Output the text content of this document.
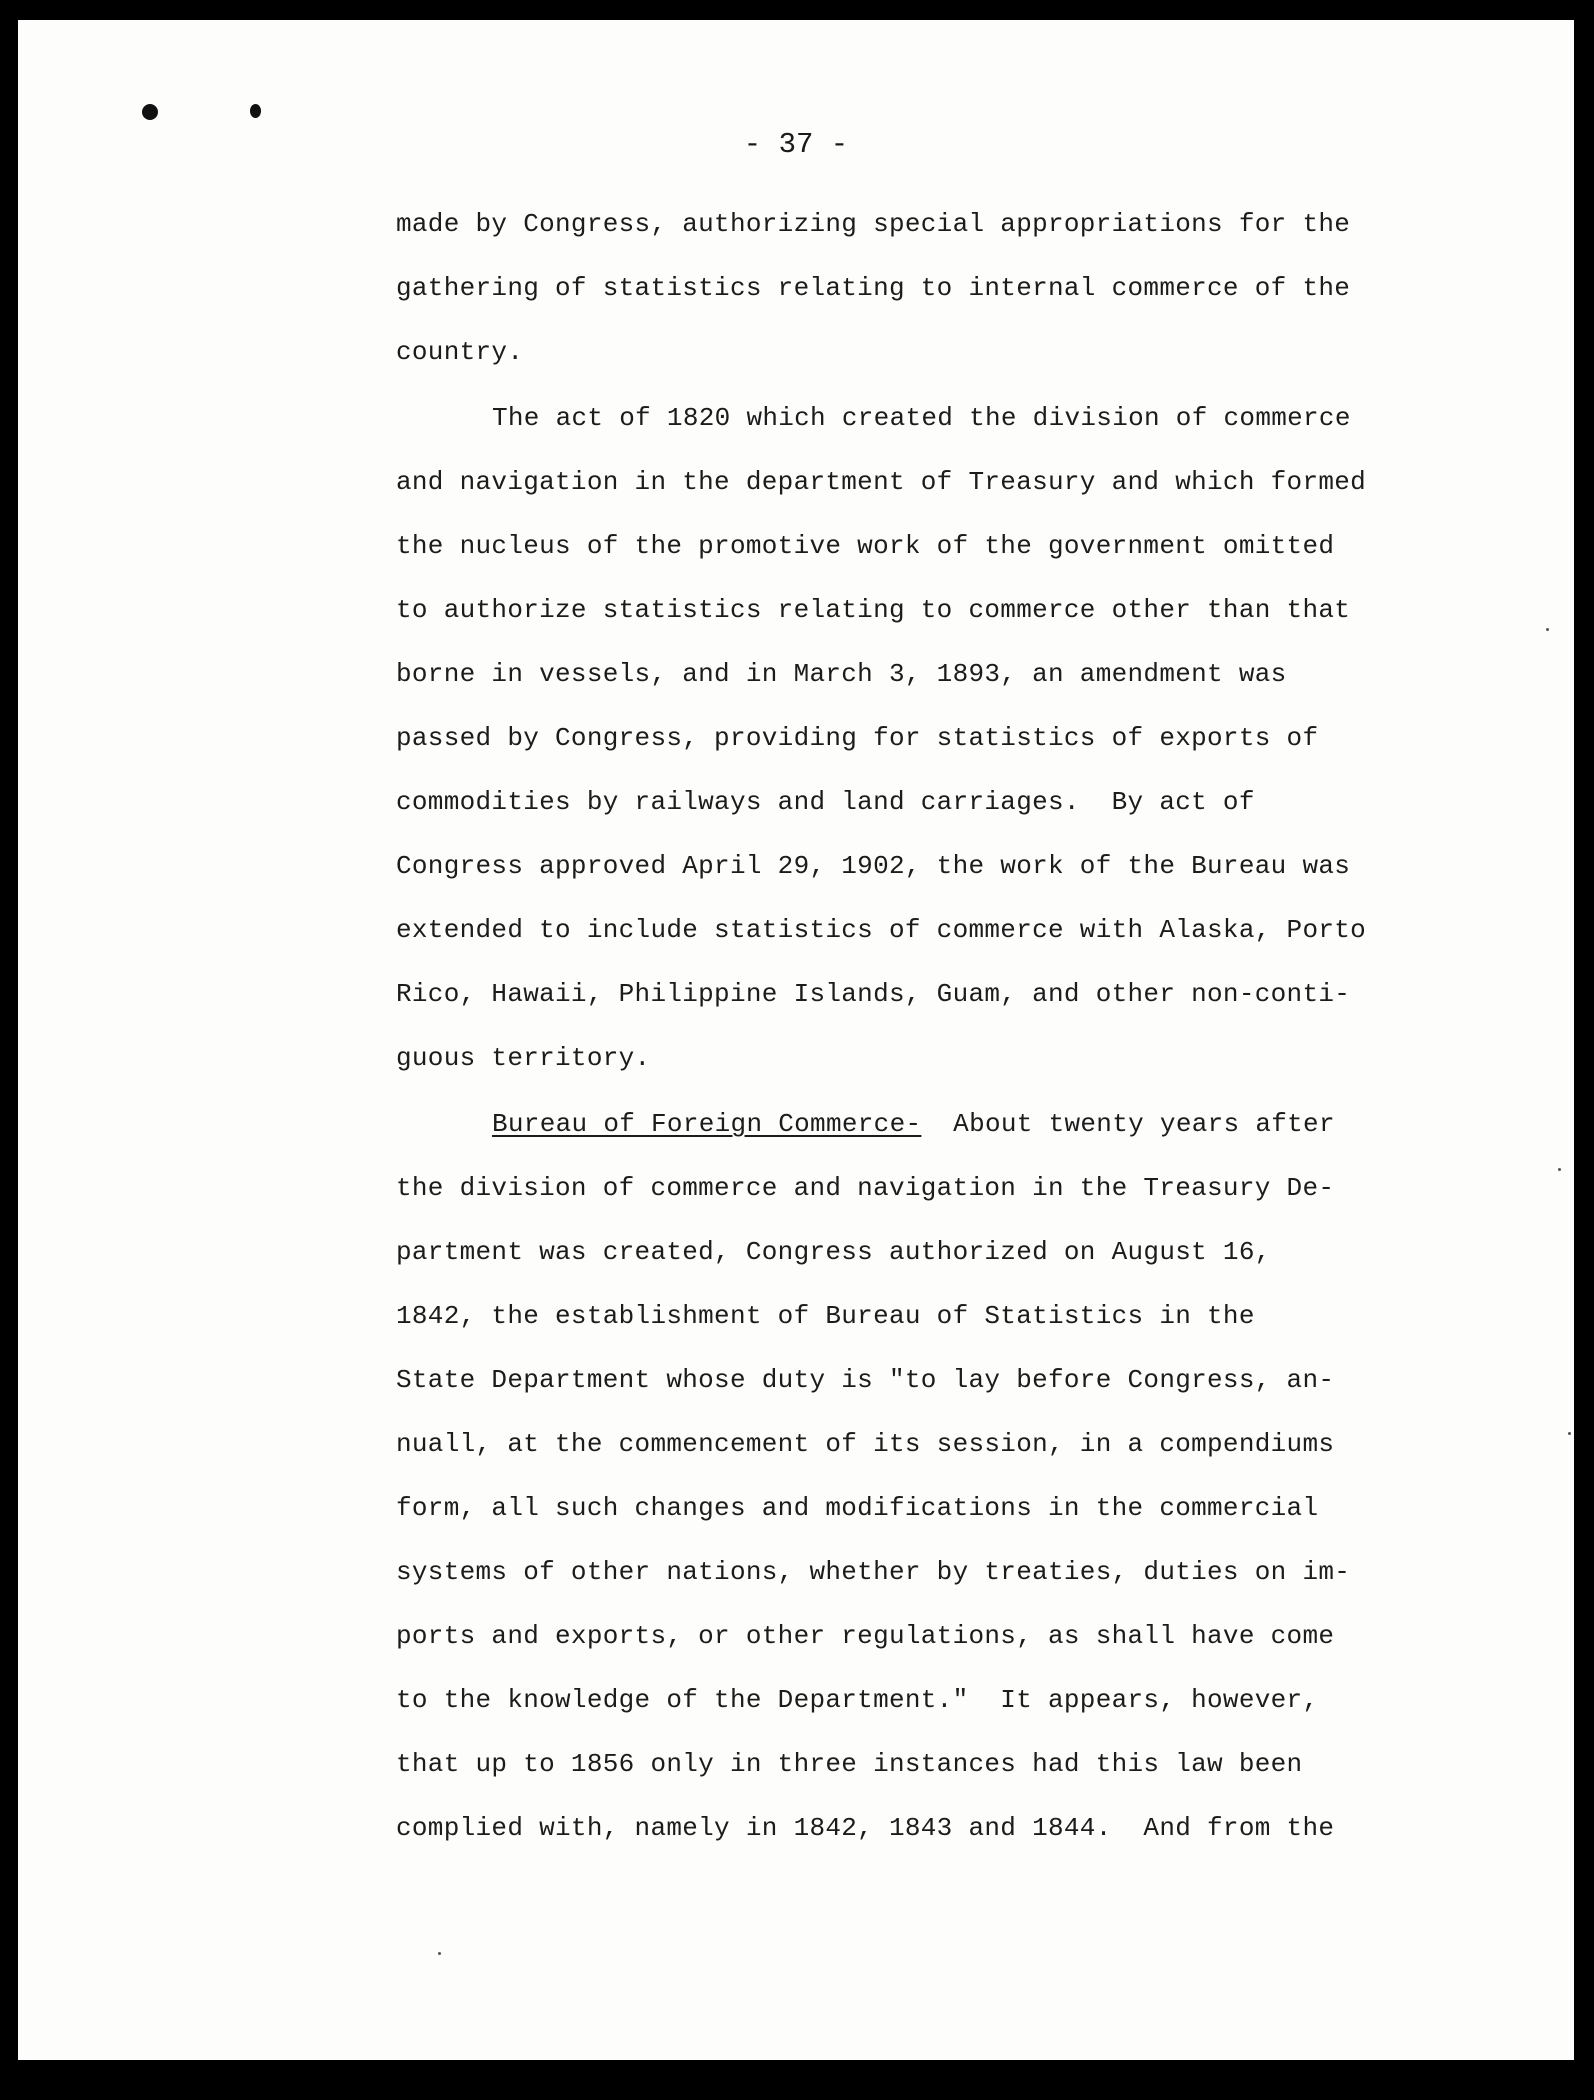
- 37 -
made by Congress, authorizing special appropriations for the
gathering of statistics relating to internal commerce of the
country.
The act of 1820 which created the division of commerce
and navigation in the department of Treasury and which formed
the nucleus of the promotive work of the government omitted
to authorize statistics relating to commerce other than that
borne in vessels, and in March 3, 1893, an amendment was
passed by Congress, providing for statistics of exports of
commodities by railways and land carriages.  By act of
Congress approved April 29, 1902, the work of the Bureau was
extended to include statistics of commerce with Alaska, Porto
Rico, Hawaii, Philippine Islands, Guam, and other non-conti-
guous territory.
Bureau of Foreign Commerce-  About twenty years after
the division of commerce and navigation in the Treasury De-
partment was created, Congress authorized on August 16,
1842, the establishment of Bureau of Statistics in the
State Department whose duty is "to lay before Congress, an-
nuall, at the commencement of its session, in a compendiums
form, all such changes and modifications in the commercial
systems of other nations, whether by treaties, duties on im-
ports and exports, or other regulations, as shall have come
to the knowledge of the Department."  It appears, however,
that up to 1856 only in three instances had this law been
complied with, namely in 1842, 1843 and 1844.  And from the
